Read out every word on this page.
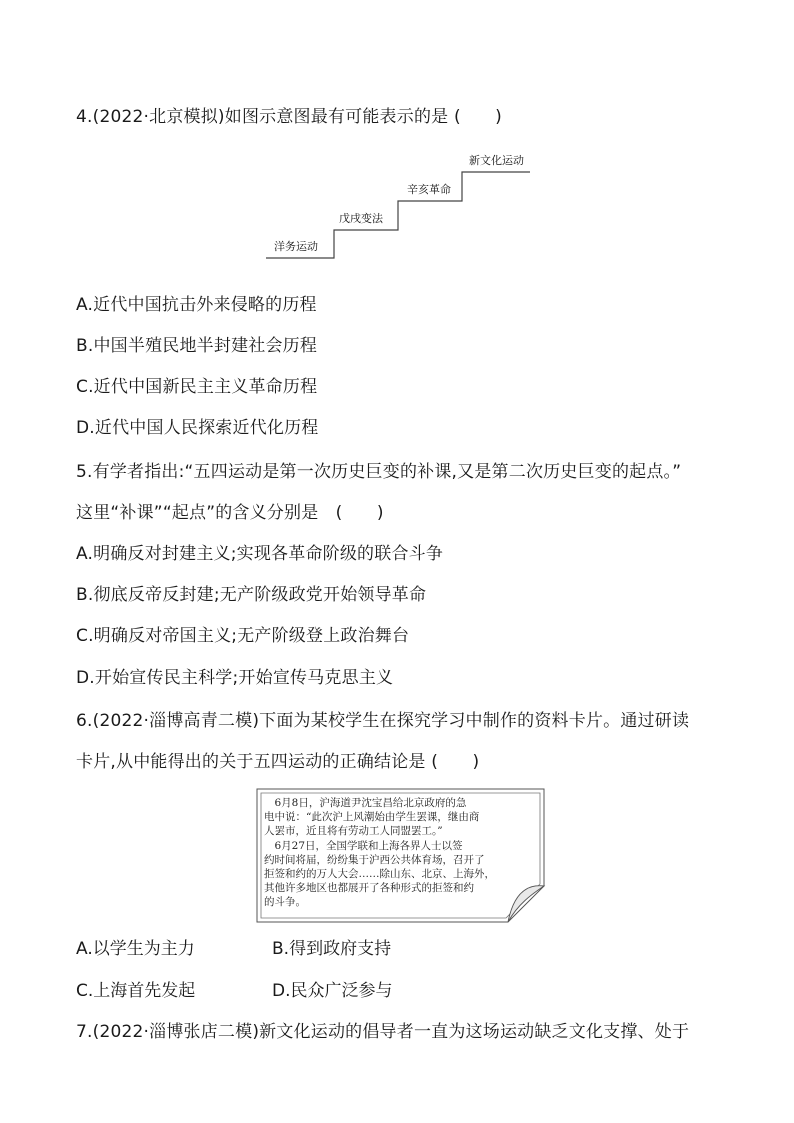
4.(2022·北京模拟)如图示意图最有可能表示的是 (　　)
洋务运动
戊戌变法
辛亥革命
新文化运动
A.近代中国抗击外来侵略的历程
B.中国半殖民地半封建社会历程
C.近代中国新民主主义革命历程
D.近代中国人民探索近代化历程
5.有学者指出:“五四运动是第一次历史巨变的补课,又是第二次历史巨变的起点。”
这里“补课”“起点”的含义分别是　(　　)
A.明确反对封建主义;实现各革命阶级的联合斗争
B.彻底反帝反封建;无产阶级政党开始领导革命
C.明确反对帝国主义;无产阶级登上政治舞台
D.开始宣传民主科学;开始宣传马克思主义
6.(2022·淄博高青二模)下面为某校学生在探究学习中制作的资料卡片。通过研读
卡片,从中能得出的关于五四运动的正确结论是 (　　)
　6月8日，沪海道尹沈宝昌给北京政府的急
电中说：“此次沪上风潮始由学生罢课，继由商
人罢市，近且将有劳动工人同盟罢工。”
　6月27日，全国学联和上海各界人士以签
约时间将届，纷纷集于沪西公共体育场，召开了
拒签和约的万人大会……除山东、北京、上海外，
其他许多地区也都展开了各种形式的拒签和约
的斗争。
A.以学生为主力	B.得到政府支持
C.上海首先发起	D.民众广泛参与
7.(2022·淄博张店二模)新文化运动的倡导者一直为这场运动缺乏文化支撑、处于
